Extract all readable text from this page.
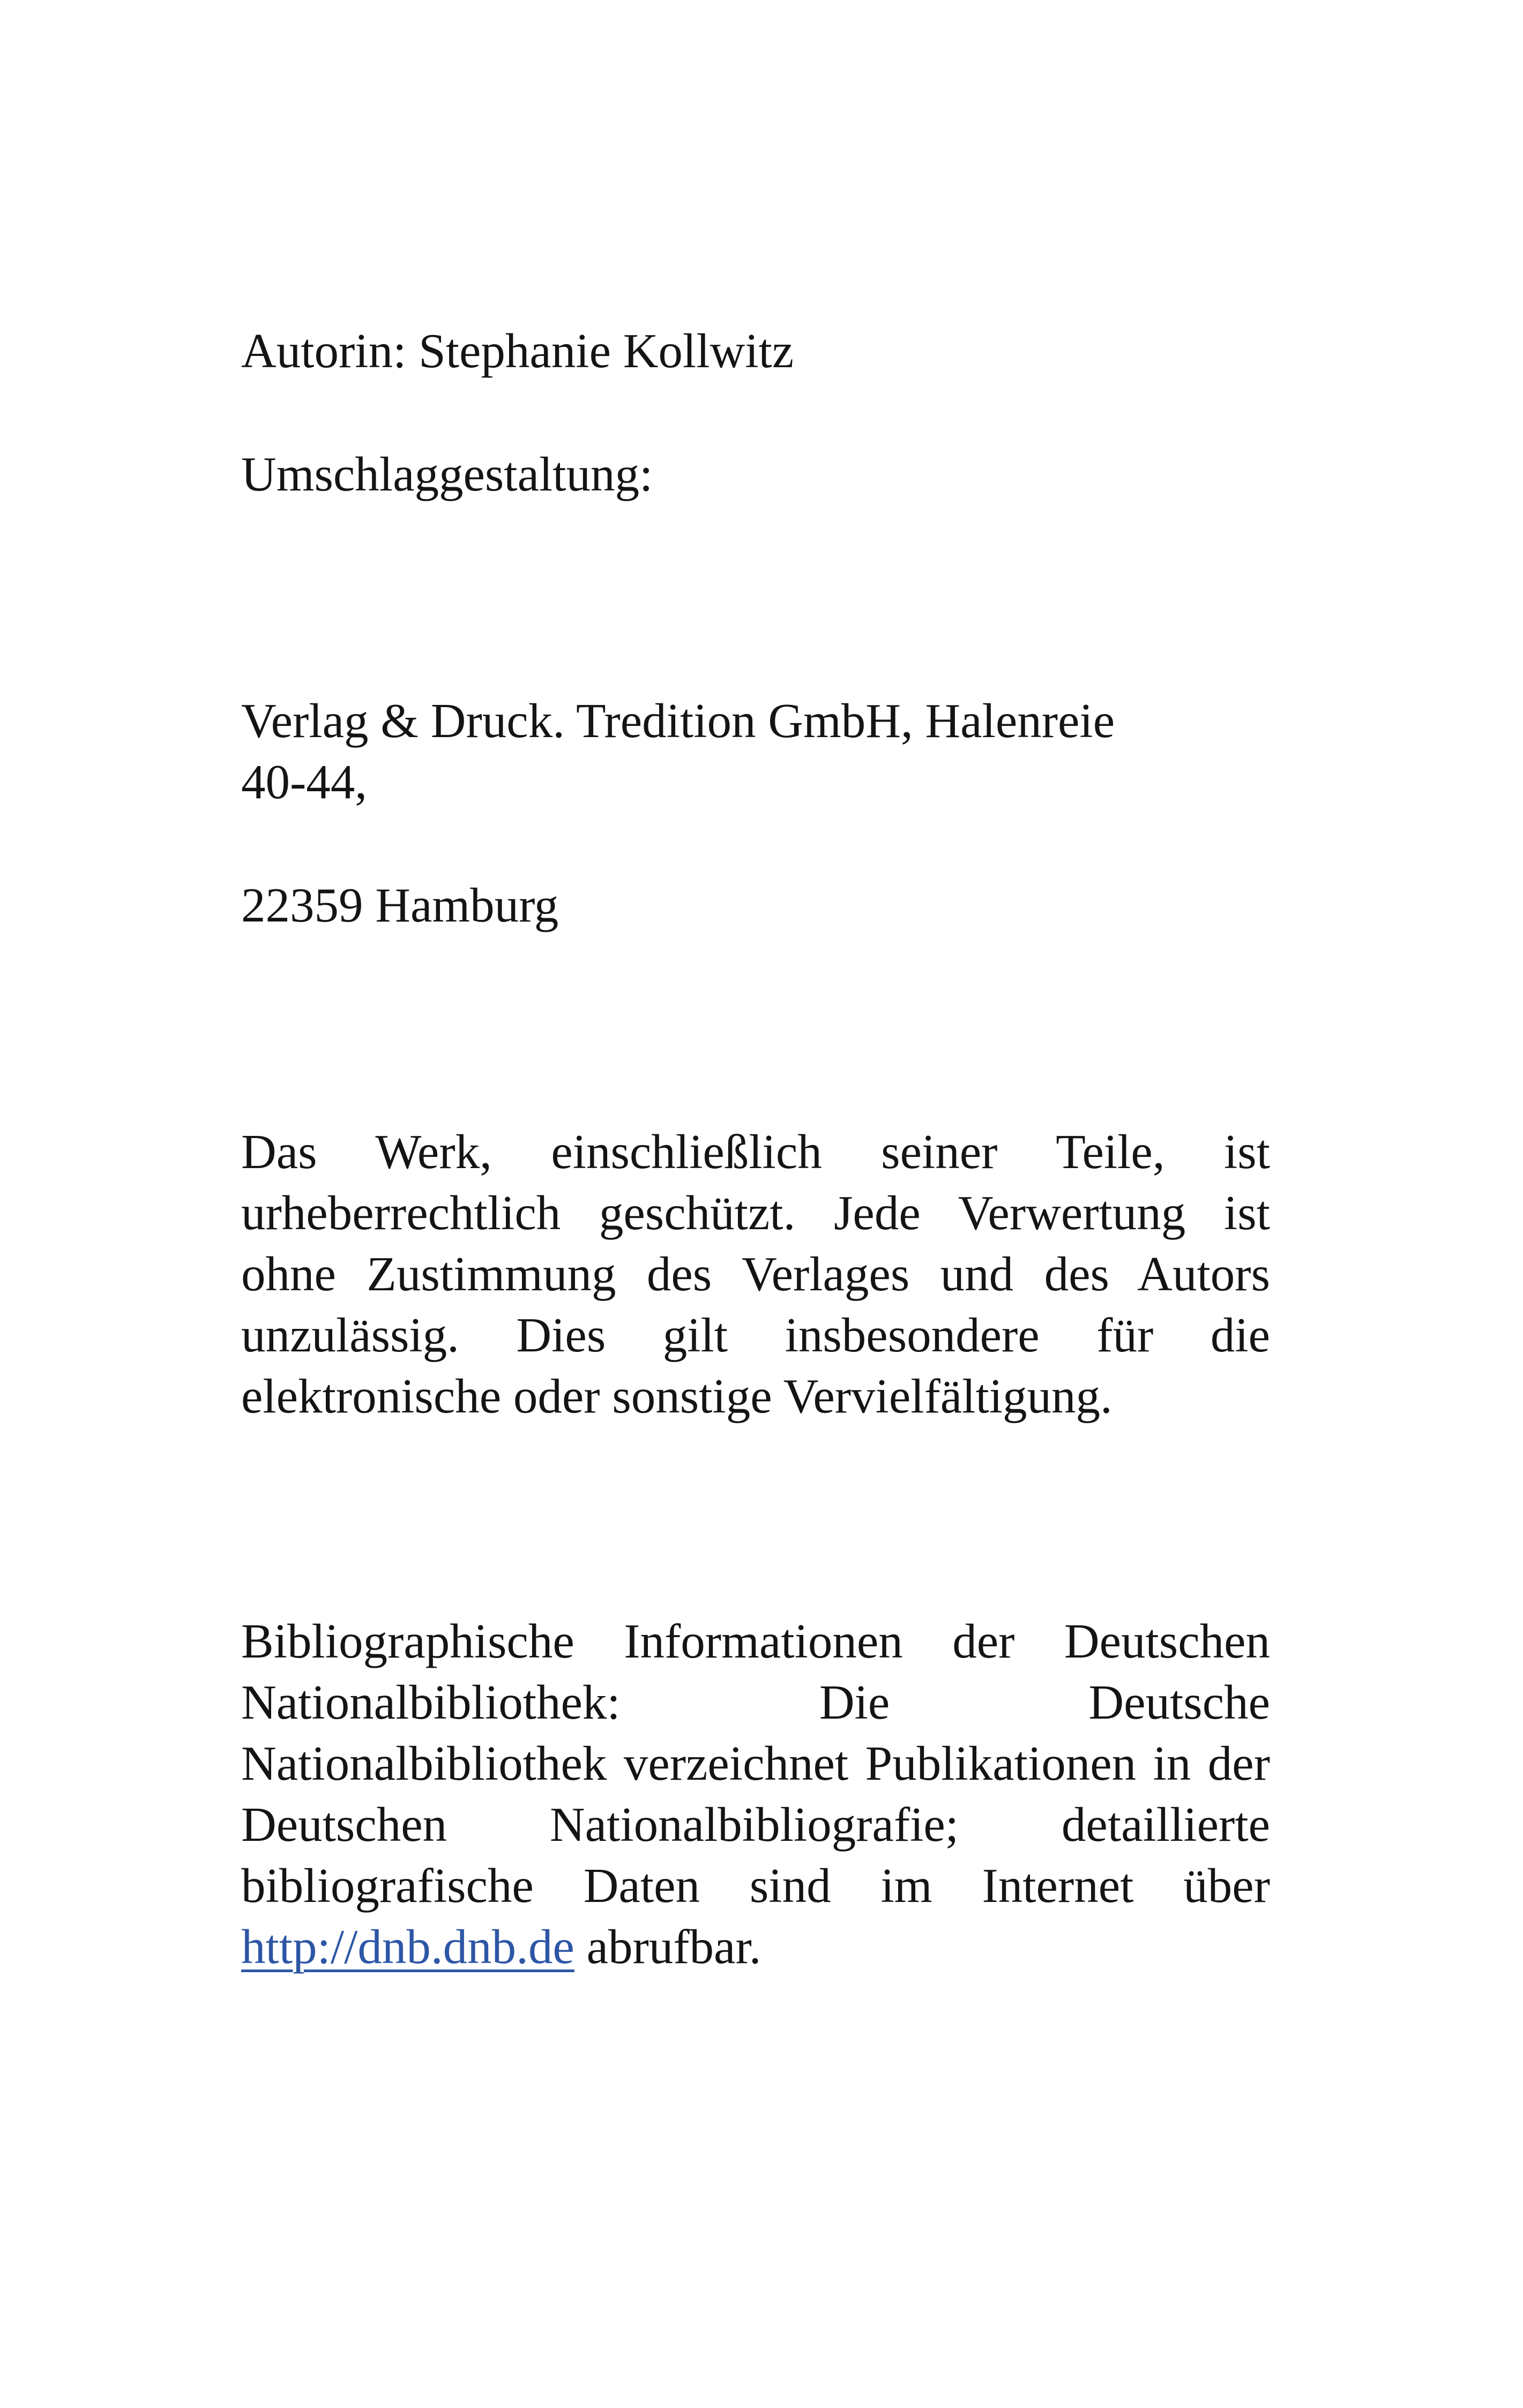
Autorin: Stephanie Kollwitz

Umschlaggestaltung:

Verlag & Druck. Tredition GmbH, Halenreie

40-44,

22359 Hamburg

Das Werk, einschließlich seiner Teile, ist urheberrechtlich geschützt. Jede Verwertung ist ohne Zustimmung des Verlages und des Autors unzulässig. Dies gilt insbesondere für die elektronische oder sonstige Vervielfältigung.

Bibliographische Informationen der Deutschen Nationalbibliothek: Die Deutsche Nationalbibliothek verzeichnet Publikationen in der Deutschen Nationalbibliografie; detaillierte bibliografische Daten sind im Internet über http://dnb.dnb.de abrufbar.
